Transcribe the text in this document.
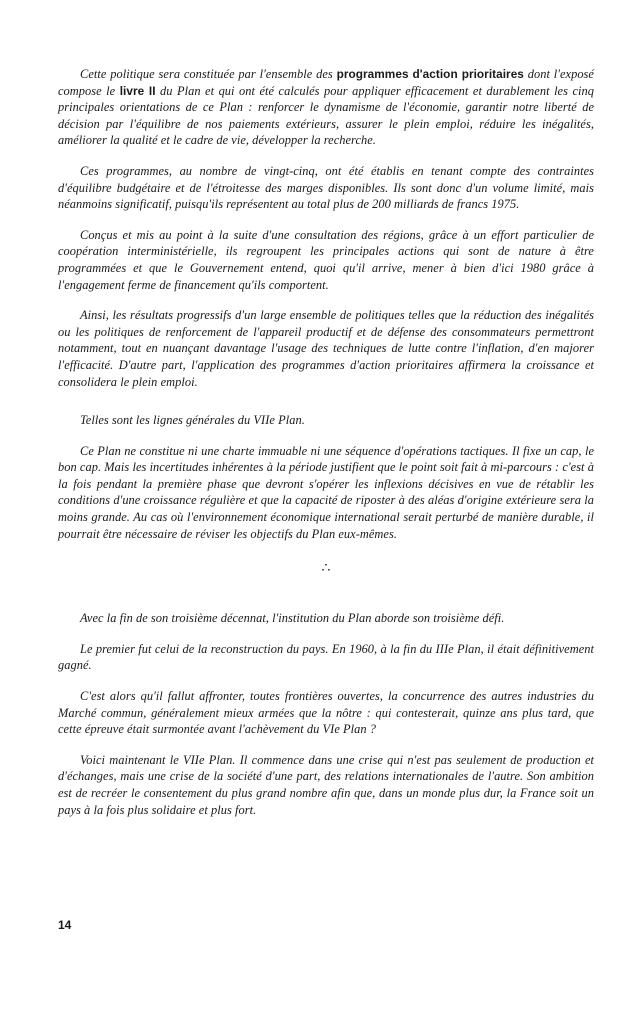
Cette politique sera constituée par l'ensemble des programmes d'action prioritaires dont l'exposé compose le livre II du Plan et qui ont été calculés pour appliquer efficacement et durablement les cinq principales orientations de ce Plan : renforcer le dynamisme de l'économie, garantir notre liberté de décision par l'équilibre de nos paiements extérieurs, assurer le plein emploi, réduire les inégalités, améliorer la qualité et le cadre de vie, développer la recherche.

Ces programmes, au nombre de vingt-cinq, ont été établis en tenant compte des contraintes d'équilibre budgétaire et de l'étroitesse des marges disponibles. Ils sont donc d'un volume limité, mais néanmoins significatif, puisqu'ils représentent au total plus de 200 milliards de francs 1975.

Conçus et mis au point à la suite d'une consultation des régions, grâce à un effort particulier de coopération interministérielle, ils regroupent les principales actions qui sont de nature à être programmées et que le Gouvernement entend, quoi qu'il arrive, mener à bien d'ici 1980 grâce à l'engagement ferme de financement qu'ils comportent.

Ainsi, les résultats progressifs d'un large ensemble de politiques telles que la réduction des inégalités ou les politiques de renforcement de l'appareil productif et de défense des consommateurs permettront notamment, tout en nuançant davantage l'usage des techniques de lutte contre l'inflation, d'en majorer l'efficacité. D'autre part, l'application des programmes d'action prioritaires affirmera la croissance et consolidera le plein emploi.

Telles sont les lignes générales du VIIe Plan.

Ce Plan ne constitue ni une charte immuable ni une séquence d'opérations tactiques. Il fixe un cap, le bon cap. Mais les incertitudes inhérentes à la période justifient que le point soit fait à mi-parcours : c'est à la fois pendant la première phase que devront s'opérer les inflexions décisives en vue de rétablir les conditions d'une croissance régulière et que la capacité de riposter à des aléas d'origine extérieure sera la moins grande. Au cas où l'environnement économique international serait perturbé de manière durable, il pourrait être nécessaire de réviser les objectifs du Plan eux-mêmes.

∴

Avec la fin de son troisième décennat, l'institution du Plan aborde son troisième défi.

Le premier fut celui de la reconstruction du pays. En 1960, à la fin du IIIe Plan, il était définitivement gagné.

C'est alors qu'il fallut affronter, toutes frontières ouvertes, la concurrence des autres industries du Marché commun, généralement mieux armées que la nôtre : qui contesterait, quinze ans plus tard, que cette épreuve était surmontée avant l'achèvement du VIe Plan ?

Voici maintenant le VIIe Plan. Il commence dans une crise qui n'est pas seulement de production et d'échanges, mais une crise de la société d'une part, des relations internationales de l'autre. Son ambition est de recréer le consentement du plus grand nombre afin que, dans un monde plus dur, la France soit un pays à la fois plus solidaire et plus fort.

14
